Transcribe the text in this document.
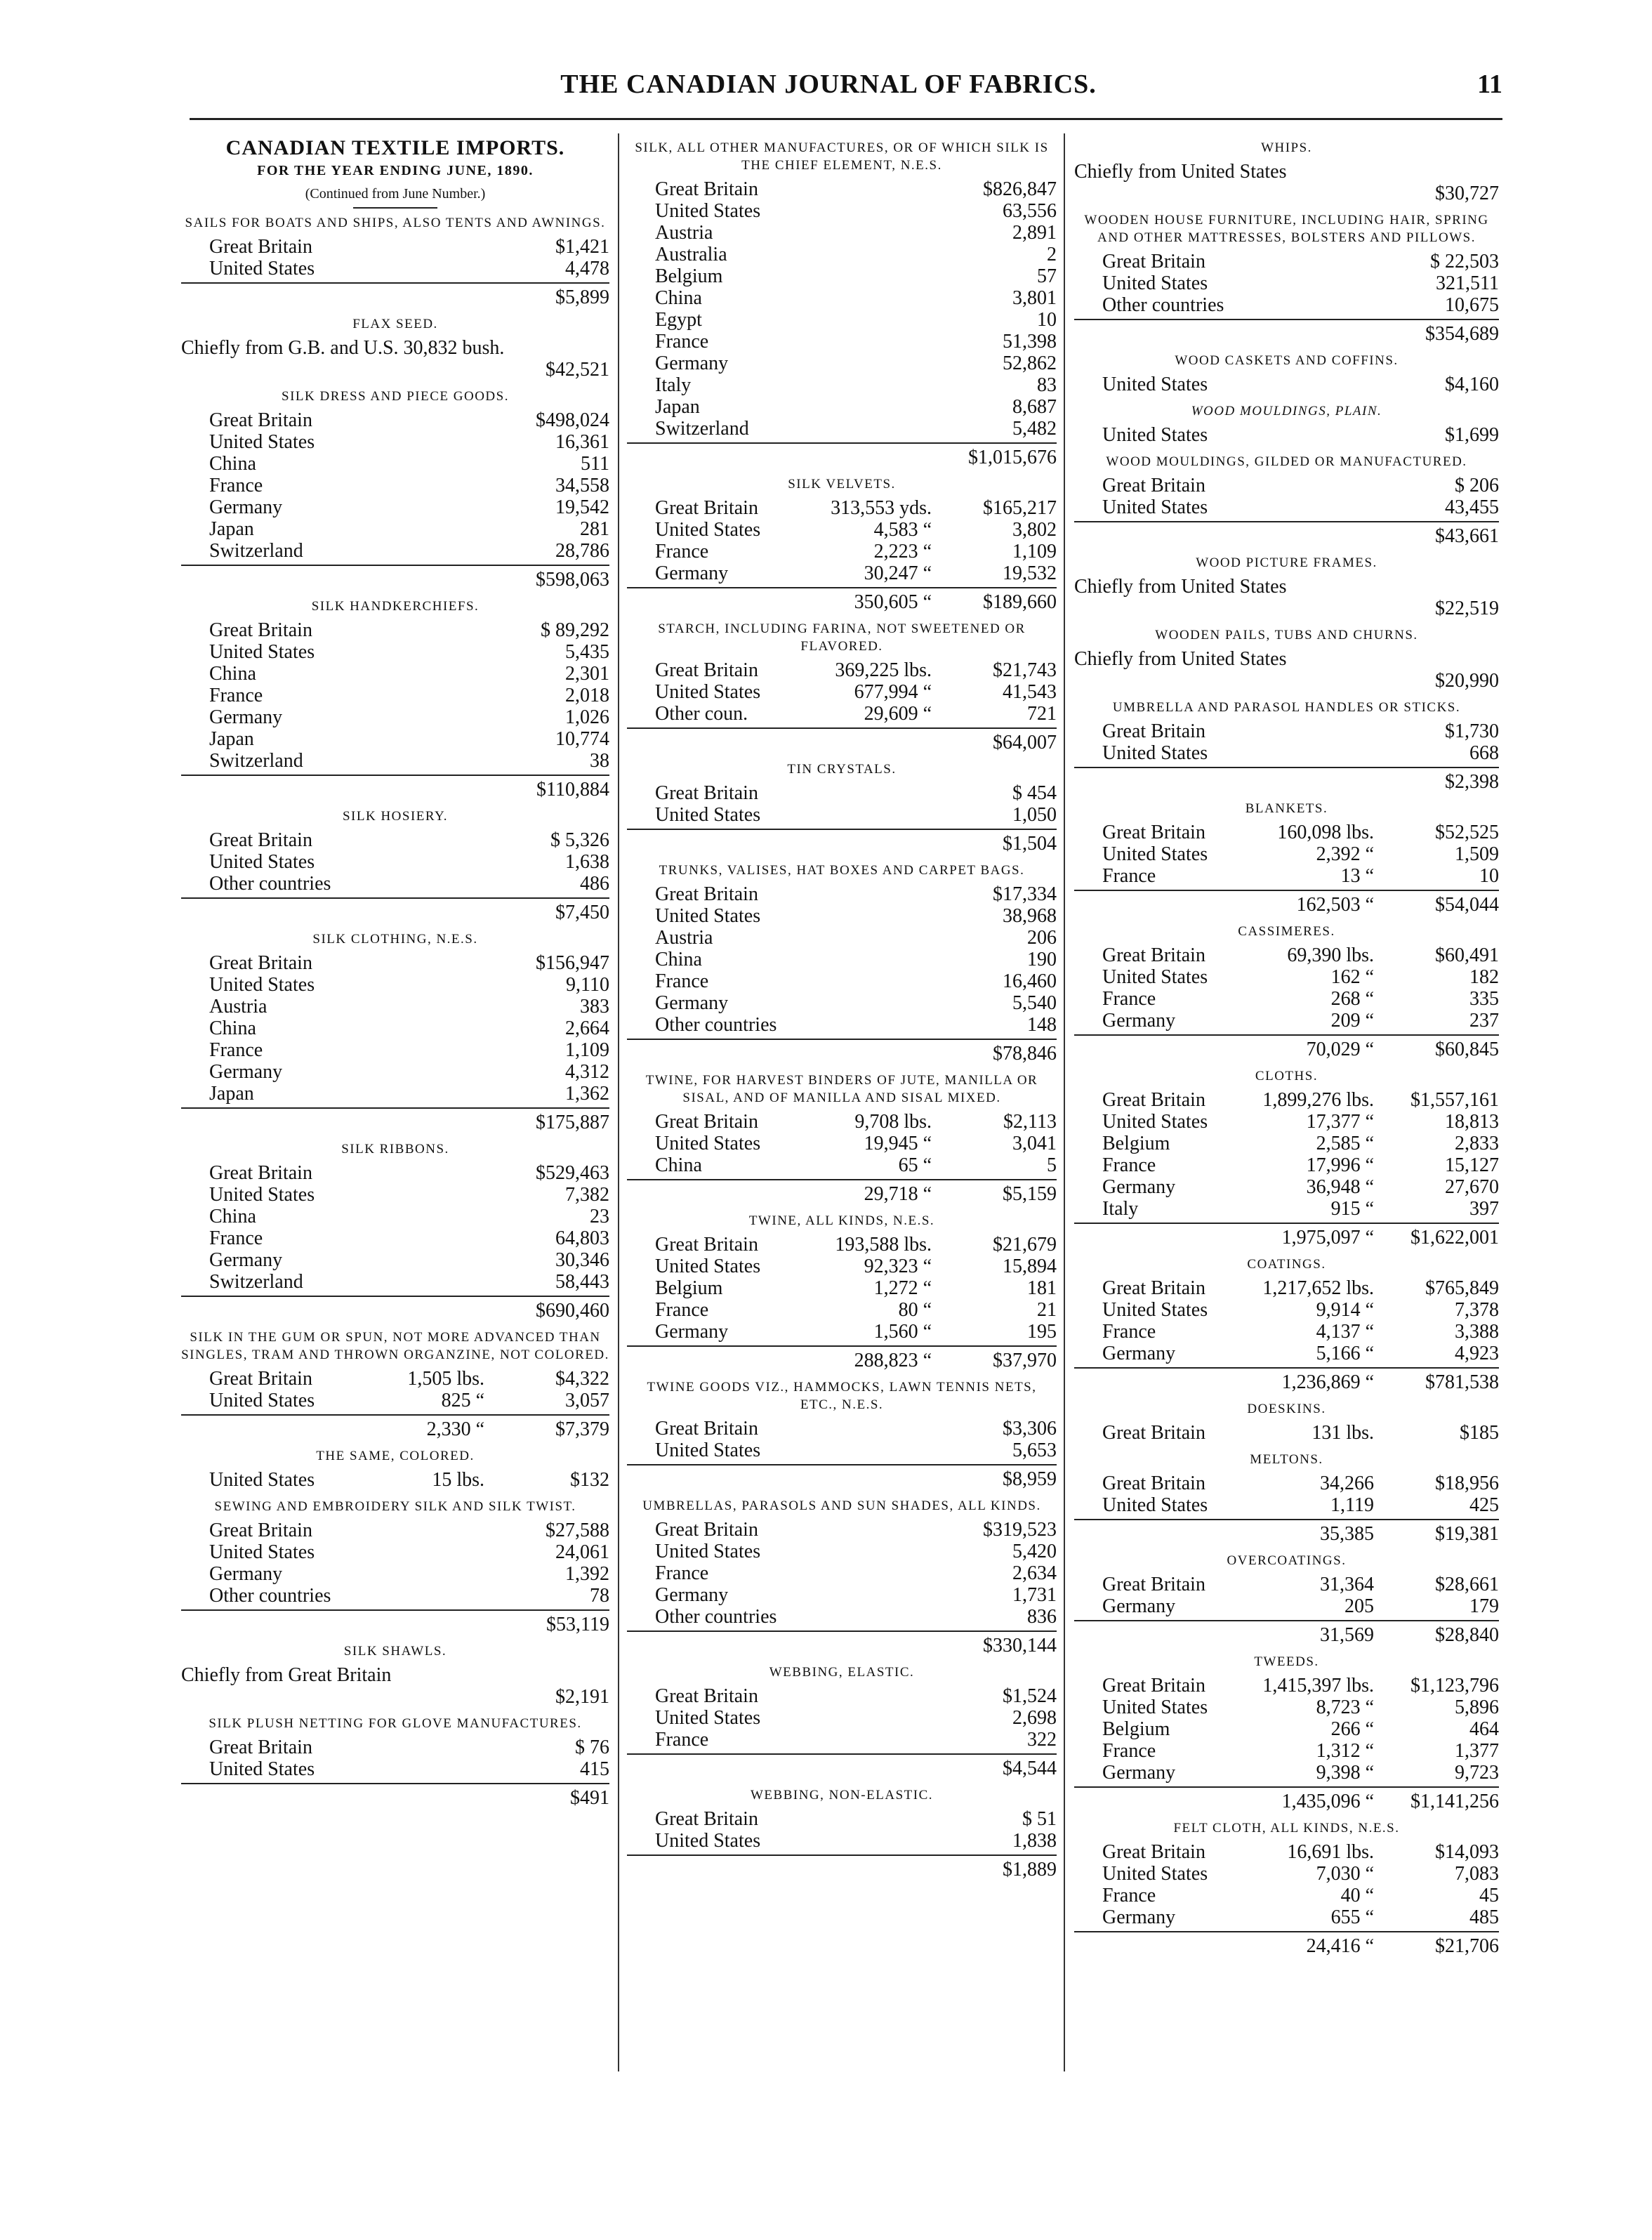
THE CANADIAN JOURNAL OF FABRICS.	11
CANADIAN TEXTILE IMPORTS.
FOR THE YEAR ENDING JUNE, 1890.
(Continued from June Number.)
SAILS FOR BOATS AND SHIPS, ALSO TENTS AND AWNINGS.
Great Britain	$1,421
United States	4,478
$5,899
FLAX SEED.
Chiefly from G.B. and U.S. 30,832 bush.
$42,521
SILK DRESS AND PIECE GOODS.
Great Britain	$498,024
United States	16,361
China	511
France	34,558
Germany	19,542
Japan	281
Switzerland	28,786
$598,063
SILK HANDKERCHIEFS.
Great Britain	$ 89,292
United States	5,435
China	2,301
France	2,018
Germany	1,026
Japan	10,774
Switzerland	38
$110,884
SILK HOSIERY.
Great Britain	$ 5,326
United States	1,638
Other countries	486
$7,450
SILK CLOTHING, N.E.S.
Great Britain	$156,947
United States	9,110
Austria	383
China	2,664
France	1,109
Germany	4,312
Japan	1,362
$175,887
SILK RIBBONS.
Great Britain	$529,463
United States	7,382
China	23
France	64,803
Germany	30,346
Switzerland	58,443
$690,460
SILK IN THE GUM OR SPUN, NOT MORE ADVANCED THAN SINGLES, TRAM AND THROWN ORGANZINE, NOT COLORED.
Great Britain	1,505 lbs.	$4,322
United States	825 “	3,057
2,330 “	$7,379
THE SAME, COLORED.
United States	15 lbs.	$132
SEWING AND EMBROIDERY SILK AND SILK TWIST.
Great Britain	$27,588
United States	24,061
Germany	1,392
Other countries	78
$53,119
SILK SHAWLS.
Chiefly from Great Britain
$2,191
SILK PLUSH NETTING FOR GLOVE MANUFACTURES.
Great Britain	$ 76
United States	415
$491
SILK, ALL OTHER MANUFACTURES, OR OF WHICH SILK IS THE CHIEF ELEMENT, N.E.S.
Great Britain	$826,847
United States	63,556
Austria	2,891
Australia	2
Belgium	57
China	3,801
Egypt	10
France	51,398
Germany	52,862
Italy	83
Japan	8,687
Switzerland	5,482
$1,015,676
SILK VELVETS.
Great Britain	313,553 yds.	$165,217
United States	4,583 “	3,802
France	2,223 “	1,109
Germany	30,247 “	19,532
350,605 “	$189,660
STARCH, INCLUDING FARINA, NOT SWEETENED OR FLAVORED.
Great Britain	369,225 lbs.	$21,743
United States	677,994 “	41,543
Other coun.	29,609 “	721
$64,007
TIN CRYSTALS.
Great Britain	$ 454
United States	1,050
$1,504
TRUNKS, VALISES, HAT BOXES AND CARPET BAGS.
Great Britain	$17,334
United States	38,968
Austria	206
China	190
France	16,460
Germany	5,540
Other countries	148
$78,846
TWINE, FOR HARVEST BINDERS OF JUTE, MANILLA OR SISAL, AND OF MANILLA AND SISAL MIXED.
Great Britain	9,708 lbs.	$2,113
United States	19,945 “	3,041
China	65 “	5
29,718 “	$5,159
TWINE, ALL KINDS, N.E.S.
Great Britain	193,588 lbs.	$21,679
United States	92,323 “	15,894
Belgium	1,272 “	181
France	80 “	21
Germany	1,560 “	195
288,823 “	$37,970
TWINE GOODS VIZ., HAMMOCKS, LAWN TENNIS NETS, ETC., N.E.S.
Great Britain	$3,306
United States	5,653
$8,959
UMBRELLAS, PARASOLS AND SUN SHADES, ALL KINDS.
Great Britain	$319,523
United States	5,420
France	2,634
Germany	1,731
Other countries	836
$330,144
WEBBING, ELASTIC.
Great Britain	$1,524
United States	2,698
France	322
$4,544
WEBBING, NON-ELASTIC.
Great Britain	$ 51
United States	1,838
$1,889
WHIPS.
Chiefly from United States
$30,727
WOODEN HOUSE FURNITURE, INCLUDING HAIR, SPRING AND OTHER MATTRESSES, BOLSTERS AND PILLOWS.
Great Britain	$ 22,503
United States	321,511
Other countries	10,675
$354,689
WOOD CASKETS AND COFFINS.
United States	$4,160
WOOD MOULDINGS, PLAIN.
United States	$1,699
WOOD MOULDINGS, GILDED OR MANUFACTURED.
Great Britain	$ 206
United States	43,455
$43,661
WOOD PICTURE FRAMES.
Chiefly from United States
$22,519
WOODEN PAILS, TUBS AND CHURNS.
Chiefly from United States
$20,990
UMBRELLA AND PARASOL HANDLES OR STICKS.
Great Britain	$1,730
United States	668
$2,398
BLANKETS.
Great Britain	160,098 lbs.	$52,525
United States	2,392 “	1,509
France	13 “	10
162,503 “	$54,044
CASSIMERES.
Great Britain	69,390 lbs.	$60,491
United States	162 “	182
France	268 “	335
Germany	209 “	237
70,029 “	$60,845
CLOTHS.
Great Britain	1,899,276 lbs.	$1,557,161
United States	17,377 “	18,813
Belgium	2,585 “	2,833
France	17,996 “	15,127
Germany	36,948 “	27,670
Italy	915 “	397
1,975,097 “	$1,622,001
COATINGS.
Great Britain	1,217,652 lbs.	$765,849
United States	9,914 “	7,378
France	4,137 “	3,388
Germany	5,166 “	4,923
1,236,869 “	$781,538
DOESKINS.
Great Britain	131 lbs.	$185
MELTONS.
Great Britain	34,266	$18,956
United States	1,119	425
35,385	$19,381
OVERCOATINGS.
Great Britain	31,364	$28,661
Germany	205	179
31,569	$28,840
TWEEDS.
Great Britain	1,415,397 lbs.	$1,123,796
United States	8,723 “	5,896
Belgium	266 “	464
France	1,312 “	1,377
Germany	9,398 “	9,723
1,435,096 “	$1,141,256
FELT CLOTH, ALL KINDS, N.E.S.
Great Britain	16,691 lbs.	$14,093
United States	7,030 “	7,083
France	40 “	45
Germany	655 “	485
24,416 “	$21,706
